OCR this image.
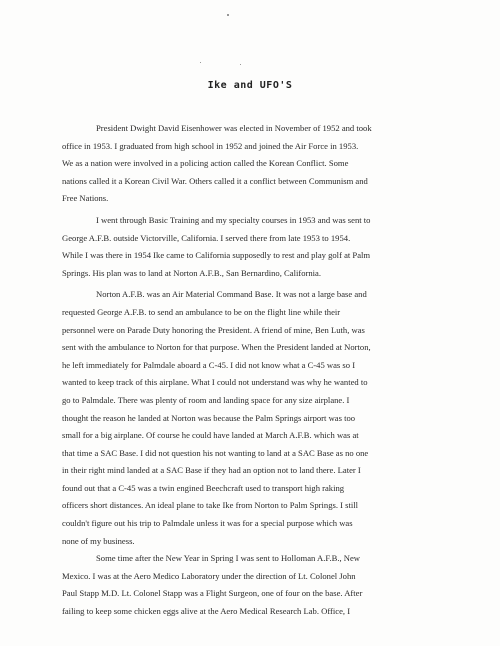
Ike and UFO'S
President Dwight David Eisenhower was elected in November of 1952 and took
office in 1953. I graduated from high school in 1952 and joined the Air Force in 1953.
We as a nation were involved in a policing action called the Korean Conflict. Some
nations called it a Korean Civil War. Others called it a conflict between Communism and
Free Nations.
I went through Basic Training and my specialty courses in 1953 and was sent to
George A.F.B. outside Victorville, California. I served there from late 1953 to 1954.
While I was there in 1954 Ike came to California supposedly to rest and play golf at Palm
Springs. His plan was to land at Norton A.F.B., San Bernardino, California.
Norton A.F.B. was an Air Material Command Base. It was not a large base and
requested George A.F.B. to send an ambulance to be on the flight line while their
personnel were on Parade Duty honoring the President. A friend of mine, Ben Luth, was
sent with the ambulance to Norton for that purpose. When the President landed at Norton,
he left immediately for Palmdale aboard a C-45. I did not know what a C-45 was so I
wanted to keep track of this airplane. What I could not understand was why he wanted to
go to Palmdale. There was plenty of room and landing space for any size airplane. I
thought the reason he landed at Norton was because the Palm Springs airport was too
small for a big airplane. Of course he could have landed at March A.F.B. which was at
that time a SAC Base. I did not question his not wanting to land at a SAC Base as no one
in their right mind landed at a SAC Base if they had an option not to land there. Later I
found out that a C-45 was a twin engined Beechcraft used to transport high raking
officers short distances. An ideal plane to take Ike from Norton to Palm Springs. I still
couldn't figure out his trip to Palmdale unless it was for a special purpose which was
none of my business.
Some time after the New Year in Spring I was sent to Holloman A.F.B., New
Mexico. I was at the Aero Medico Laboratory under the direction of Lt. Colonel John
Paul Stapp M.D. Lt. Colonel Stapp was a Flight Surgeon, one of four on the base. After
failing to keep some chicken eggs alive at the Aero Medical Research Lab. Office, I
